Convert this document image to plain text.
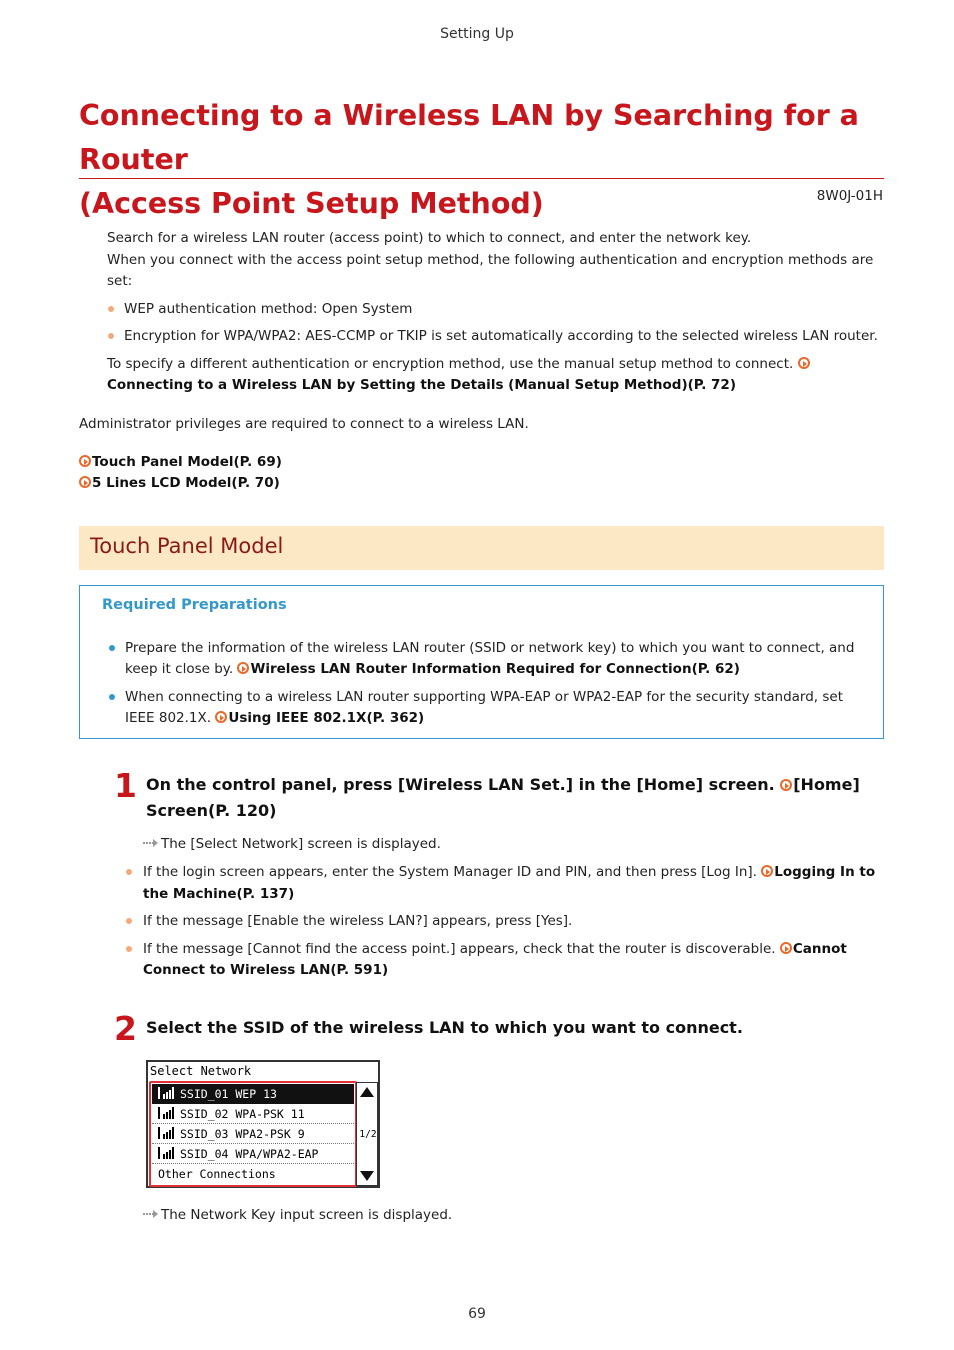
Setting Up
Connecting to a Wireless LAN by Searching for a Router
(Access Point Setup Method)	8W0J-01H
Search for a wireless LAN router (access point) to which to connect, and enter the network key.
When you connect with the access point setup method, the following authentication and encryption methods are
set:
WEP authentication method: Open System
Encryption for WPA/WPA2: AES-CCMP or TKIP is set automatically according to the selected wireless LAN router.
To specify a different authentication or encryption method, use the manual setup method to connect.
Connecting to a Wireless LAN by Setting the Details (Manual Setup Method)(P. 72)
Administrator privileges are required to connect to a wireless LAN.
Touch Panel Model(P. 69)
5 Lines LCD Model(P. 70)
Touch Panel Model
Required Preparations
Prepare the information of the wireless LAN router (SSID or network key) to which you want to connect, and
keep it close by. Wireless LAN Router Information Required for Connection(P. 62)
When connecting to a wireless LAN router supporting WPA-EAP or WPA2-EAP for the security standard, set
IEEE 802.1X. Using IEEE 802.1X(P. 362)
1 On the control panel, press [Wireless LAN Set.] in the [Home] screen. [Home]
Screen(P. 120)
The [Select Network] screen is displayed.
If the login screen appears, enter the System Manager ID and PIN, and then press [Log In]. Logging In to
the Machine(P. 137)
If the message [Enable the wireless LAN?] appears, press [Yes].
If the message [Cannot find the access point.] appears, check that the router is discoverable. Cannot
Connect to Wireless LAN(P. 591)
2 Select the SSID of the wireless LAN to which you want to connect.
Select Network
SSID_01 WEP 13
SSID_02 WPA-PSK 11
SSID_03 WPA2-PSK 9
SSID_04 WPA/WPA2-EAP
Other Connections
1/2
The Network Key input screen is displayed.
69
